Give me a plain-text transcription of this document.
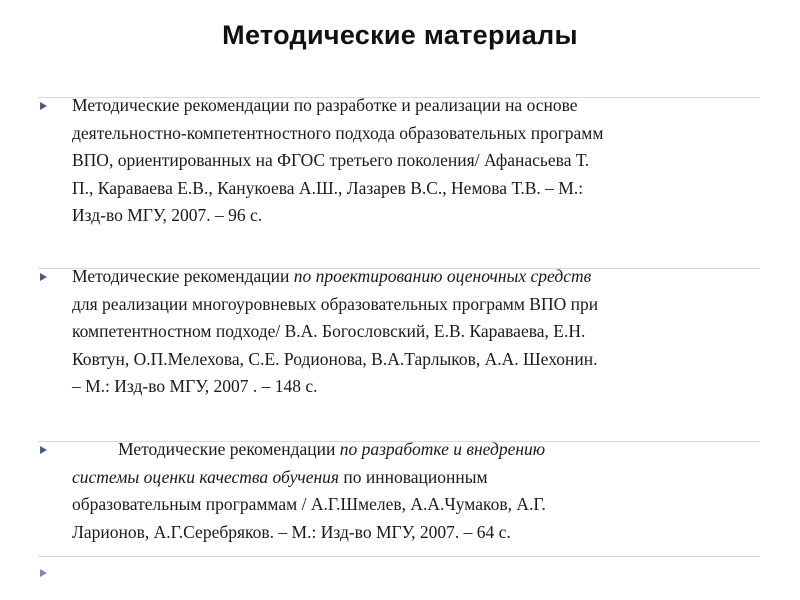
Методические материалы
Методические рекомендации по разработке и реализации на основе
деятельностно-компетентностного подхода образовательных программ
ВПО, ориентированных на ФГОС третьего поколения/ Афанасьева Т.
П., Караваева Е.В., Канукоева А.Ш., Лазарев В.С., Немова Т.В. – М.:
Изд-во МГУ, 2007. – 96 с.
Методические рекомендации по проектированию оценочных средств
для реализации многоуровневых образовательных программ ВПО при
компетентностном подходе/ В.А. Богословский, Е.В. Караваева, Е.Н.
Ковтун, О.П.Мелехова, С.Е. Родионова, В.А.Тарлыков, А.А. Шехонин.
– М.: Изд-во МГУ, 2007 . – 148 с.
Методические рекомендации по разработке и внедрению
системы оценки качества обучения по инновационным
образовательным программам / А.Г.Шмелев, А.А.Чумаков, А.Г.
Ларионов, А.Г.Серебряков. – М.: Изд-во МГУ, 2007. – 64 с.
